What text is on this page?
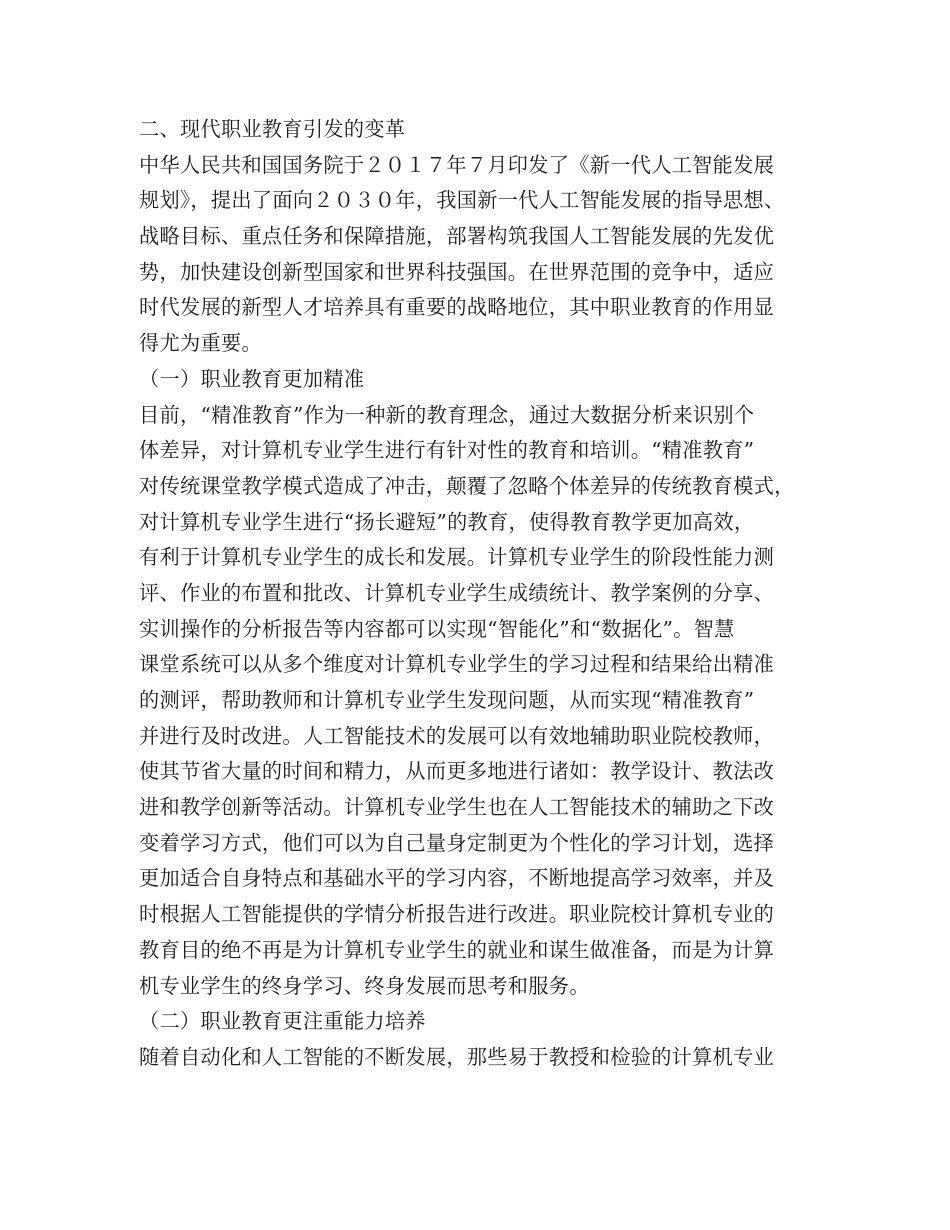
二、现代职业教育引发的变革
中华人民共和国国务院于２０１７年７月印发了《新一代人工智能发展
规划》，提出了面向２０３０年，我国新一代人工智能发展的指导思想、
战略目标、重点任务和保障措施，部署构筑我国人工智能发展的先发优
势，加快建设创新型国家和世界科技强国。在世界范围的竞争中，适应
时代发展的新型人才培养具有重要的战略地位，其中职业教育的作用显
得尤为重要。
（一）职业教育更加精准
目前，“精准教育”作为一种新的教育理念，通过大数据分析来识别个
体差异，对计算机专业学生进行有针对性的教育和培训。“精准教育”
对传统课堂教学模式造成了冲击，颠覆了忽略个体差异的传统教育模式，
对计算机专业学生进行“扬长避短”的教育，使得教育教学更加高效，
有利于计算机专业学生的成长和发展。计算机专业学生的阶段性能力测
评、作业的布置和批改、计算机专业学生成绩统计、教学案例的分享、
实训操作的分析报告等内容都可以实现“智能化”和“数据化”。智慧
课堂系统可以从多个维度对计算机专业学生的学习过程和结果给出精准
的测评，帮助教师和计算机专业学生发现问题，从而实现“精准教育”
并进行及时改进。人工智能技术的发展可以有效地辅助职业院校教师，
使其节省大量的时间和精力，从而更多地进行诸如：教学设计、教法改
进和教学创新等活动。计算机专业学生也在人工智能技术的辅助之下改
变着学习方式，他们可以为自己量身定制更为个性化的学习计划，选择
更加适合自身特点和基础水平的学习内容，不断地提高学习效率，并及
时根据人工智能提供的学情分析报告进行改进。职业院校计算机专业的
教育目的绝不再是为计算机专业学生的就业和谋生做准备，而是为计算
机专业学生的终身学习、终身发展而思考和服务。
（二）职业教育更注重能力培养
随着自动化和人工智能的不断发展，那些易于教授和检验的计算机专业
